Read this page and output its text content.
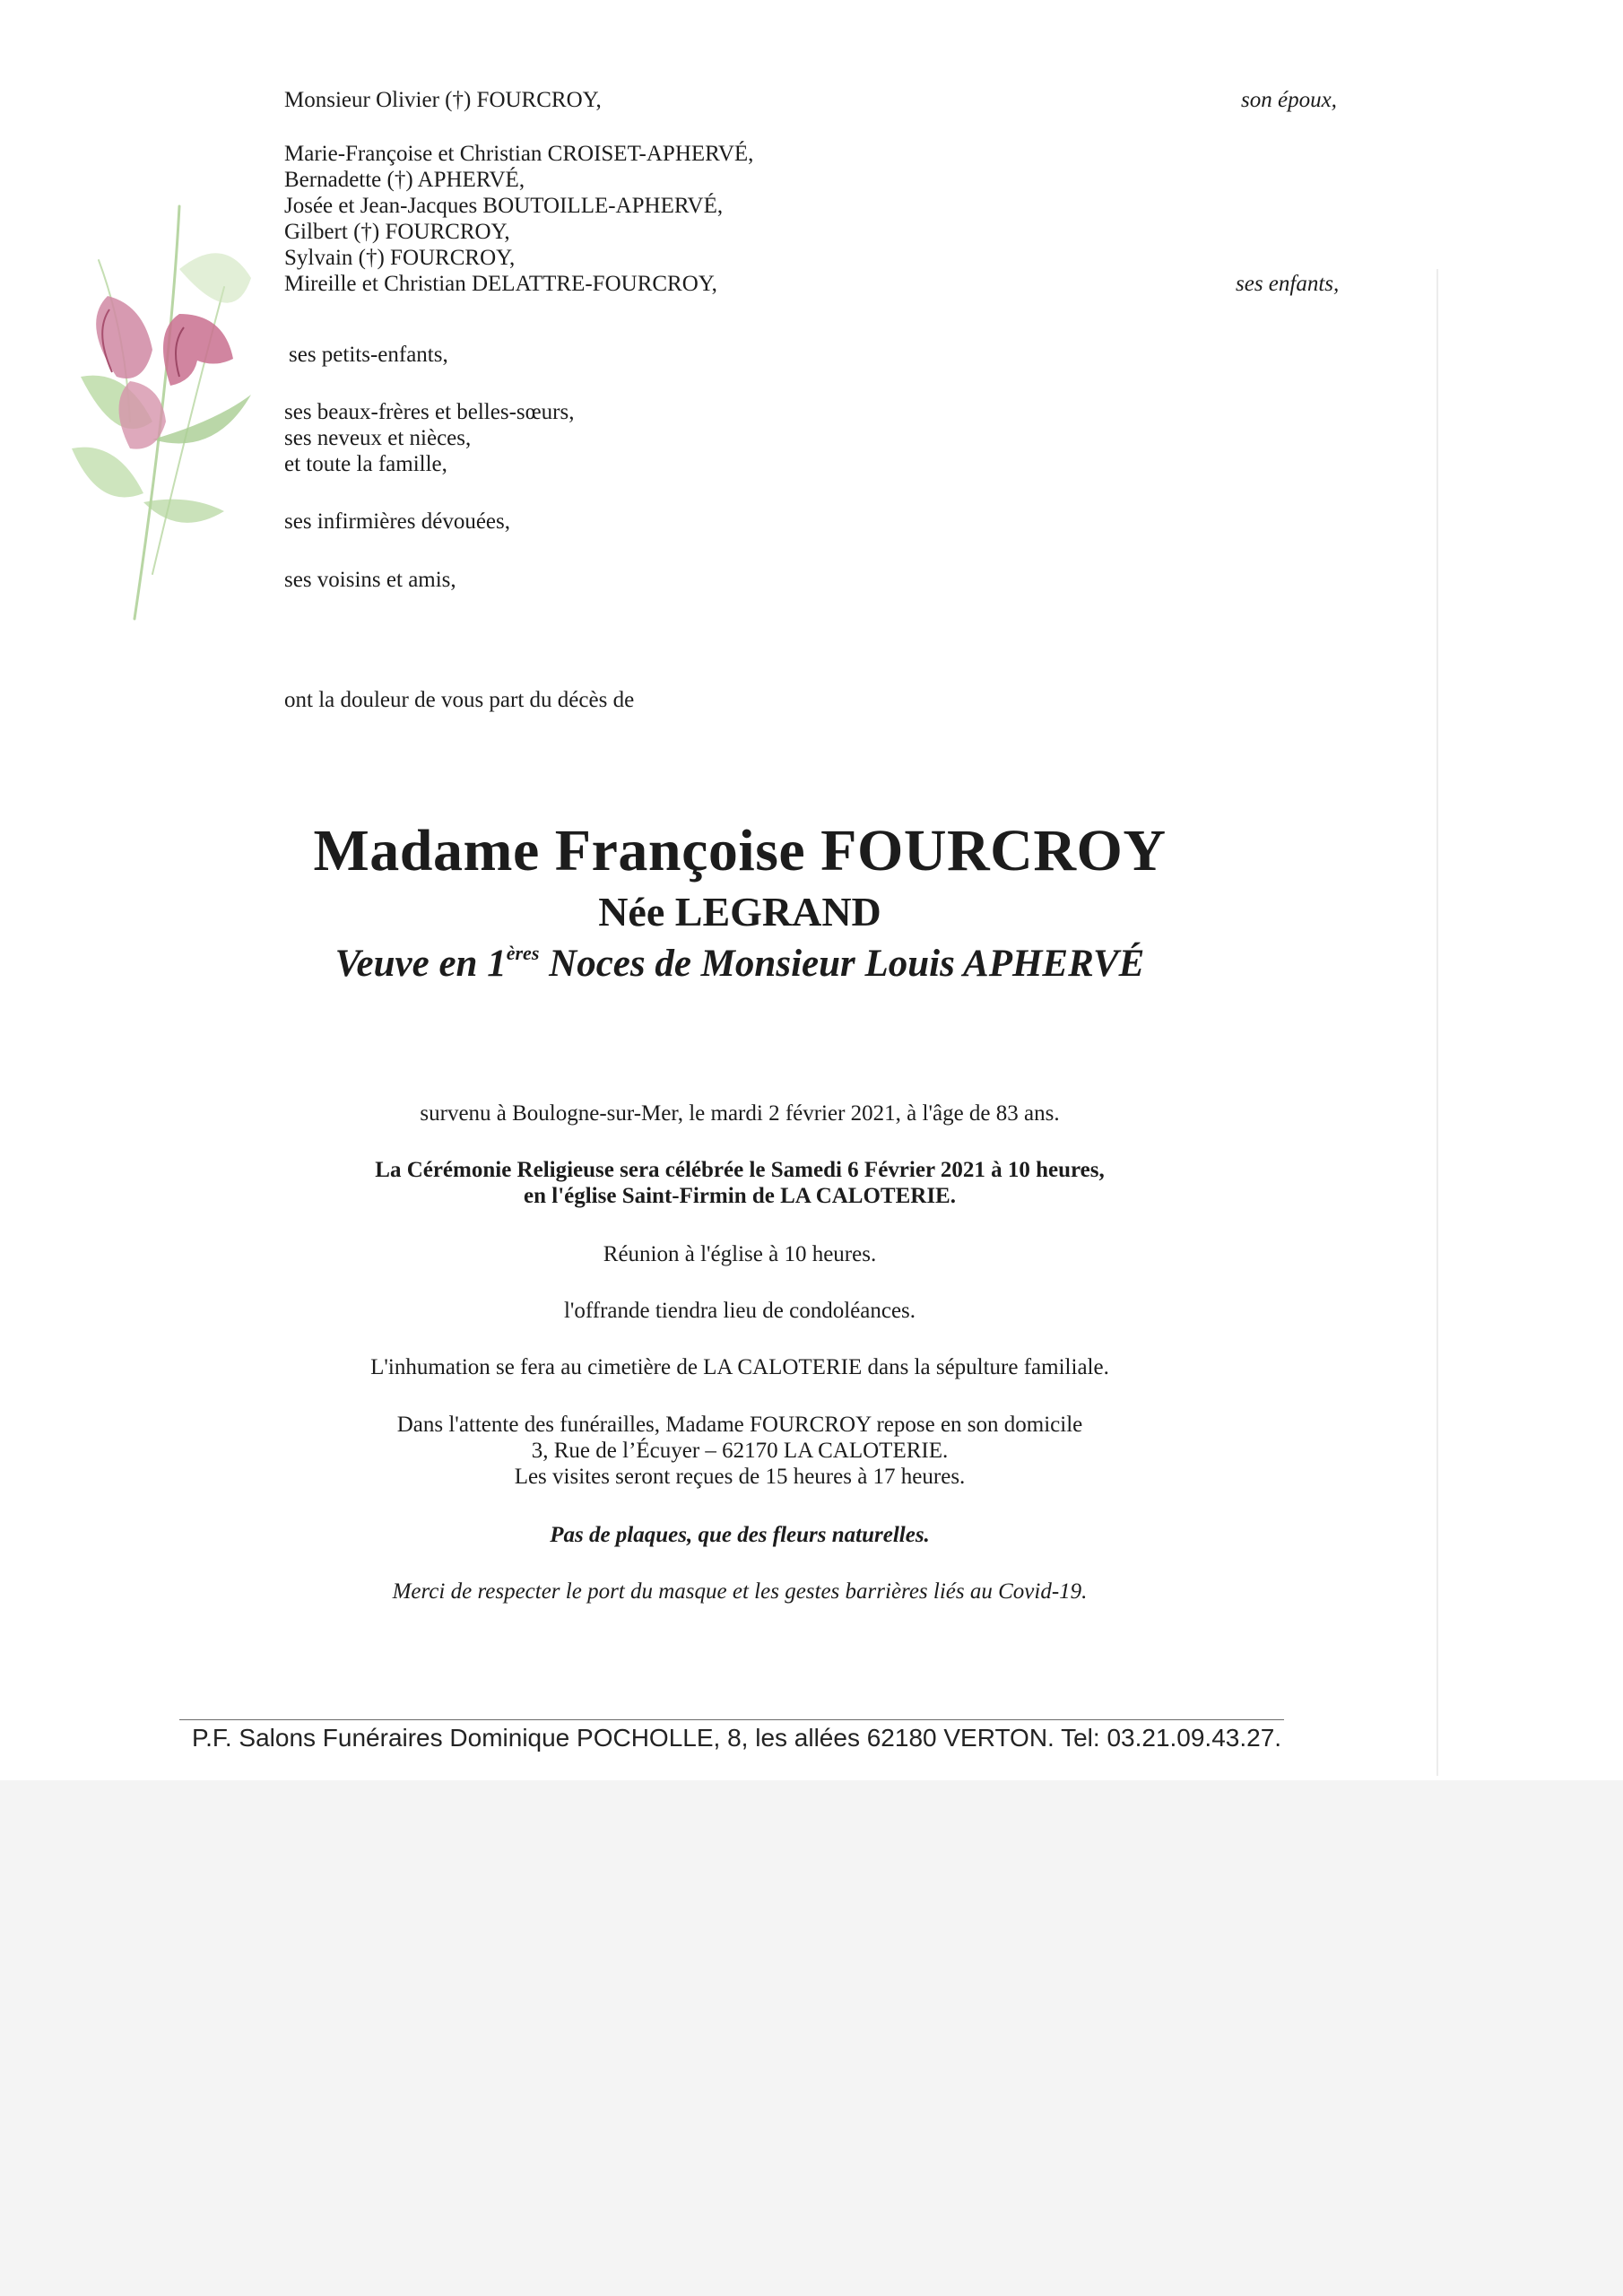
Monsieur Olivier (†) FOURCROY,	son époux,

Marie-Françoise et Christian CROISET-APHERVÉ,

Bernadette (†) APHERVÉ,

Josée et Jean-Jacques BOUTOILLE-APHERVÉ,

Gilbert (†) FOURCROY,

Sylvain (†) FOURCROY,

Mireille et Christian DELATTRE-FOURCROY,	ses enfants,

ses petits-enfants,

ses beaux-frères et belles-sœurs,

ses neveux et nièces,

et toute la famille,

ses infirmières dévouées,

ses voisins et amis,

ont la douleur de vous part du décès de

Madame Françoise FOURCROY

Née LEGRAND

Veuve en 1ères Noces de Monsieur Louis APHERVÉ

survenu à Boulogne-sur-Mer, le mardi 2 février 2021, à l'âge de 83 ans.

La Cérémonie Religieuse sera célébrée le Samedi 6 Février 2021 à 10 heures,
en l'église Saint-Firmin de LA CALOTERIE.

Réunion à l'église à 10 heures.

l'offrande tiendra lieu de condoléances.

L'inhumation se fera au cimetière de LA CALOTERIE dans la sépulture familiale.

Dans l'attente des funérailles, Madame FOURCROY repose en son domicile
3, Rue de l’Écuyer – 62170 LA CALOTERIE.
Les visites seront reçues de 15 heures à 17 heures.

Pas de plaques, que des fleurs naturelles.

Merci de respecter le port du masque et les gestes barrières liés au Covid-19.

P.F. Salons Funéraires Dominique POCHOLLE, 8, les allées 62180 VERTON. Tel: 03.21.09.43.27.
